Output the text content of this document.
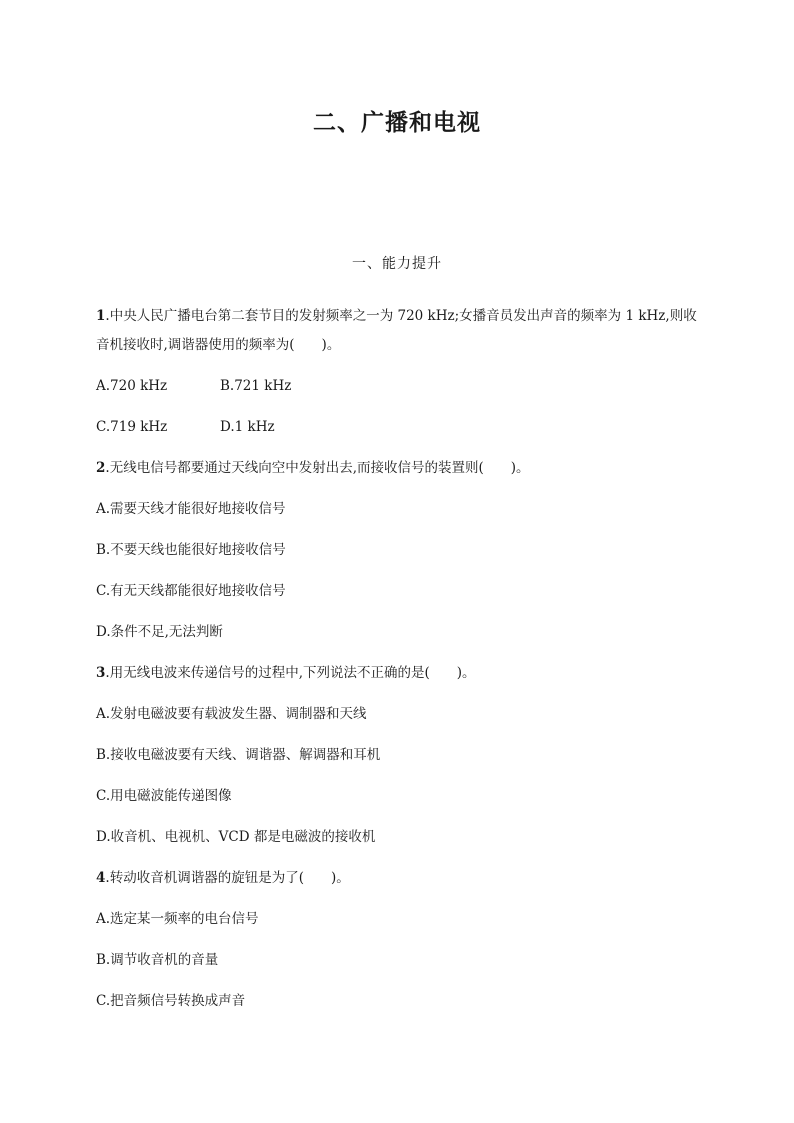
二、广播和电视
一、能力提升
1.中央人民广播电台第二套节目的发射频率之一为 720 kHz;女播音员发出声音的频率为 1 kHz,则收音机接收时,调谐器使用的频率为(　　)。
A.720 kHz	B.721 kHz
C.719 kHz	D.1 kHz
2.无线电信号都要通过天线向空中发射出去,而接收信号的装置则(　　)。
A.需要天线才能很好地接收信号
B.不要天线也能很好地接收信号
C.有无天线都能很好地接收信号
D.条件不足,无法判断
3.用无线电波来传递信号的过程中,下列说法不正确的是(　　)。
A.发射电磁波要有载波发生器、调制器和天线
B.接收电磁波要有天线、调谐器、解调器和耳机
C.用电磁波能传递图像
D.收音机、电视机、VCD 都是电磁波的接收机
4.转动收音机调谐器的旋钮是为了(　　)。
A.选定某一频率的电台信号
B.调节收音机的音量
C.把音频信号转换成声音
